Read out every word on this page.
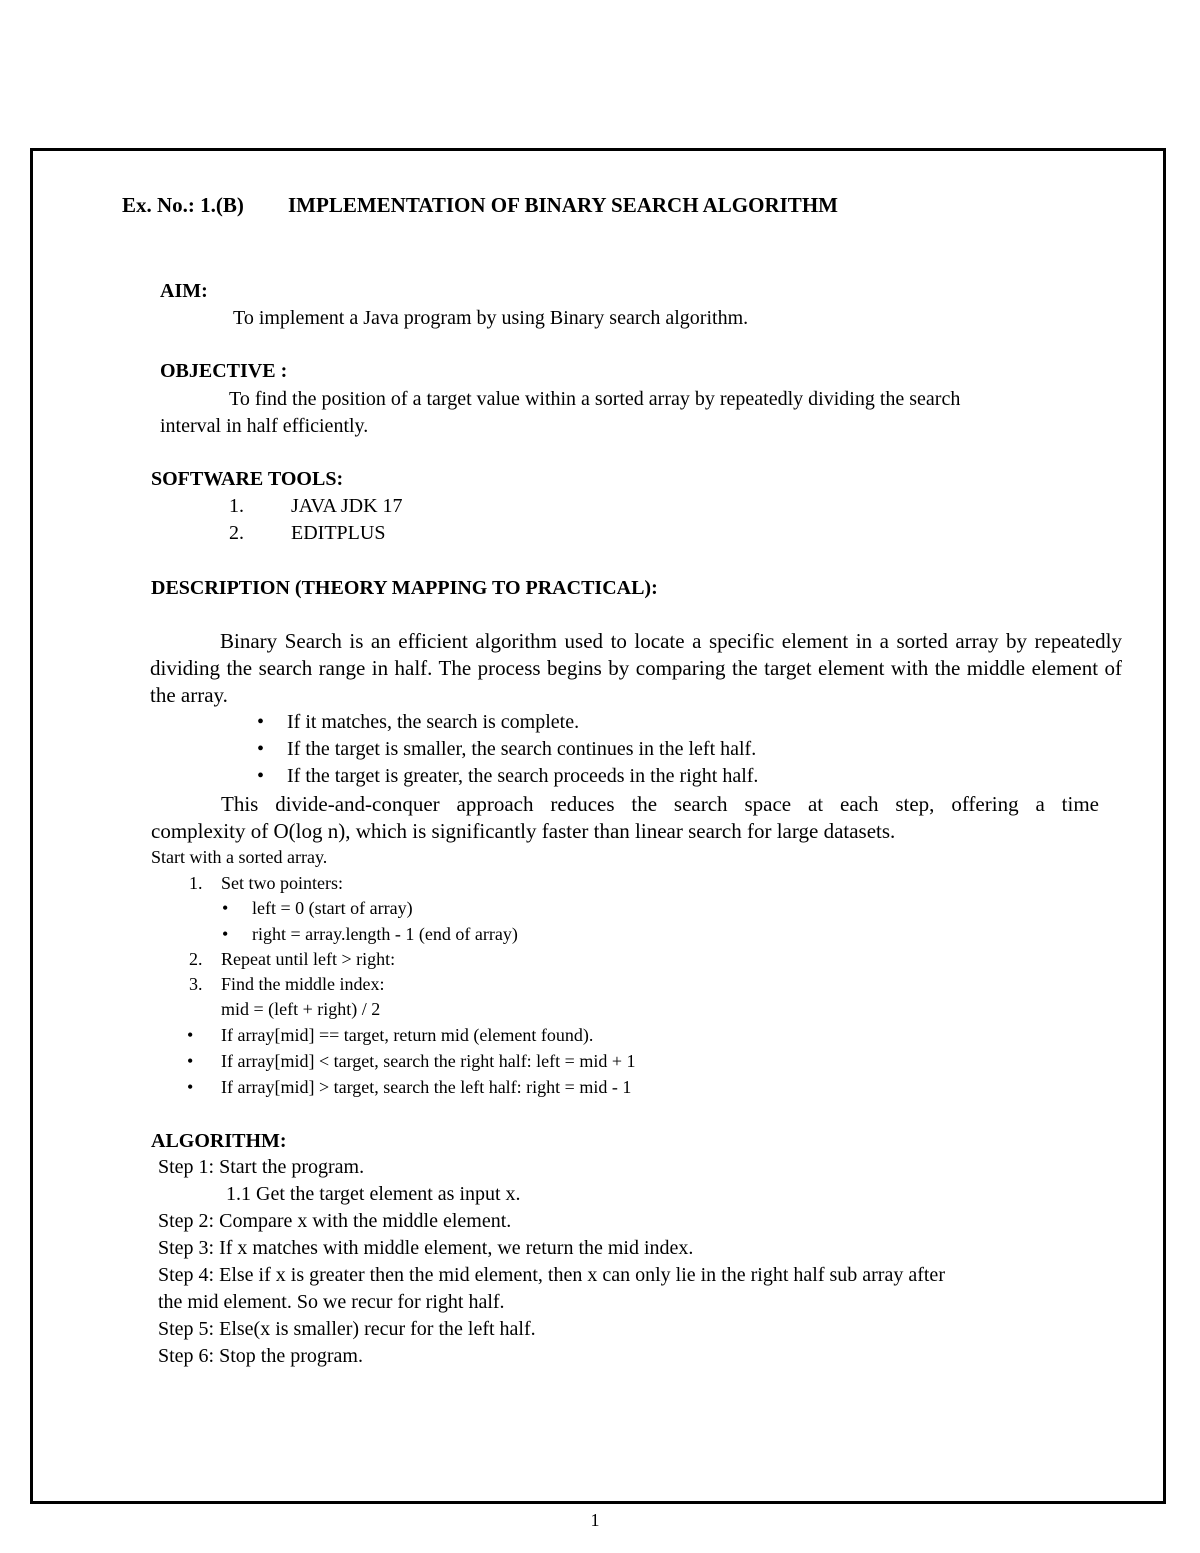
Ex. No.: 1.(B) IMPLEMENTATION OF BINARY SEARCH ALGORITHM
AIM:
To implement a Java program by using Binary search algorithm.
OBJECTIVE :
To find the position of a target value within a sorted array by repeatedly dividing the search
interval in half efficiently.
SOFTWARE TOOLS:
1. JAVA JDK 17
2. EDITPLUS
DESCRIPTION (THEORY MAPPING TO PRACTICAL):
Binary Search is an efficient algorithm used to locate a specific element in a sorted array by repeatedly dividing the search range in half. The process begins by comparing the target element with the middle element of the array.
• If it matches, the search is complete.
• If the target is smaller, the search continues in the left half.
• If the target is greater, the search proceeds in the right half.
This divide-and-conquer approach reduces the search space at each step, offering a time
complexity of O(log n), which is significantly faster than linear search for large datasets.
Start with a sorted array.
1. Set two pointers:
• left = 0 (start of array)
• right = array.length - 1 (end of array)
2. Repeat until left > right:
3. Find the middle index:
mid = (left + right) / 2
• If array[mid] == target, return mid (element found).
• If array[mid] < target, search the right half: left = mid + 1
• If array[mid] > target, search the left half: right = mid - 1
ALGORITHM:
Step 1: Start the program.
1.1 Get the target element as input x.
Step 2: Compare x with the middle element.
Step 3: If x matches with middle element, we return the mid index.
Step 4: Else if x is greater then the mid element, then x can only lie in the right half sub array after
the mid element. So we recur for right half.
Step 5: Else(x is smaller) recur for the left half.
Step 6: Stop the program.
1
